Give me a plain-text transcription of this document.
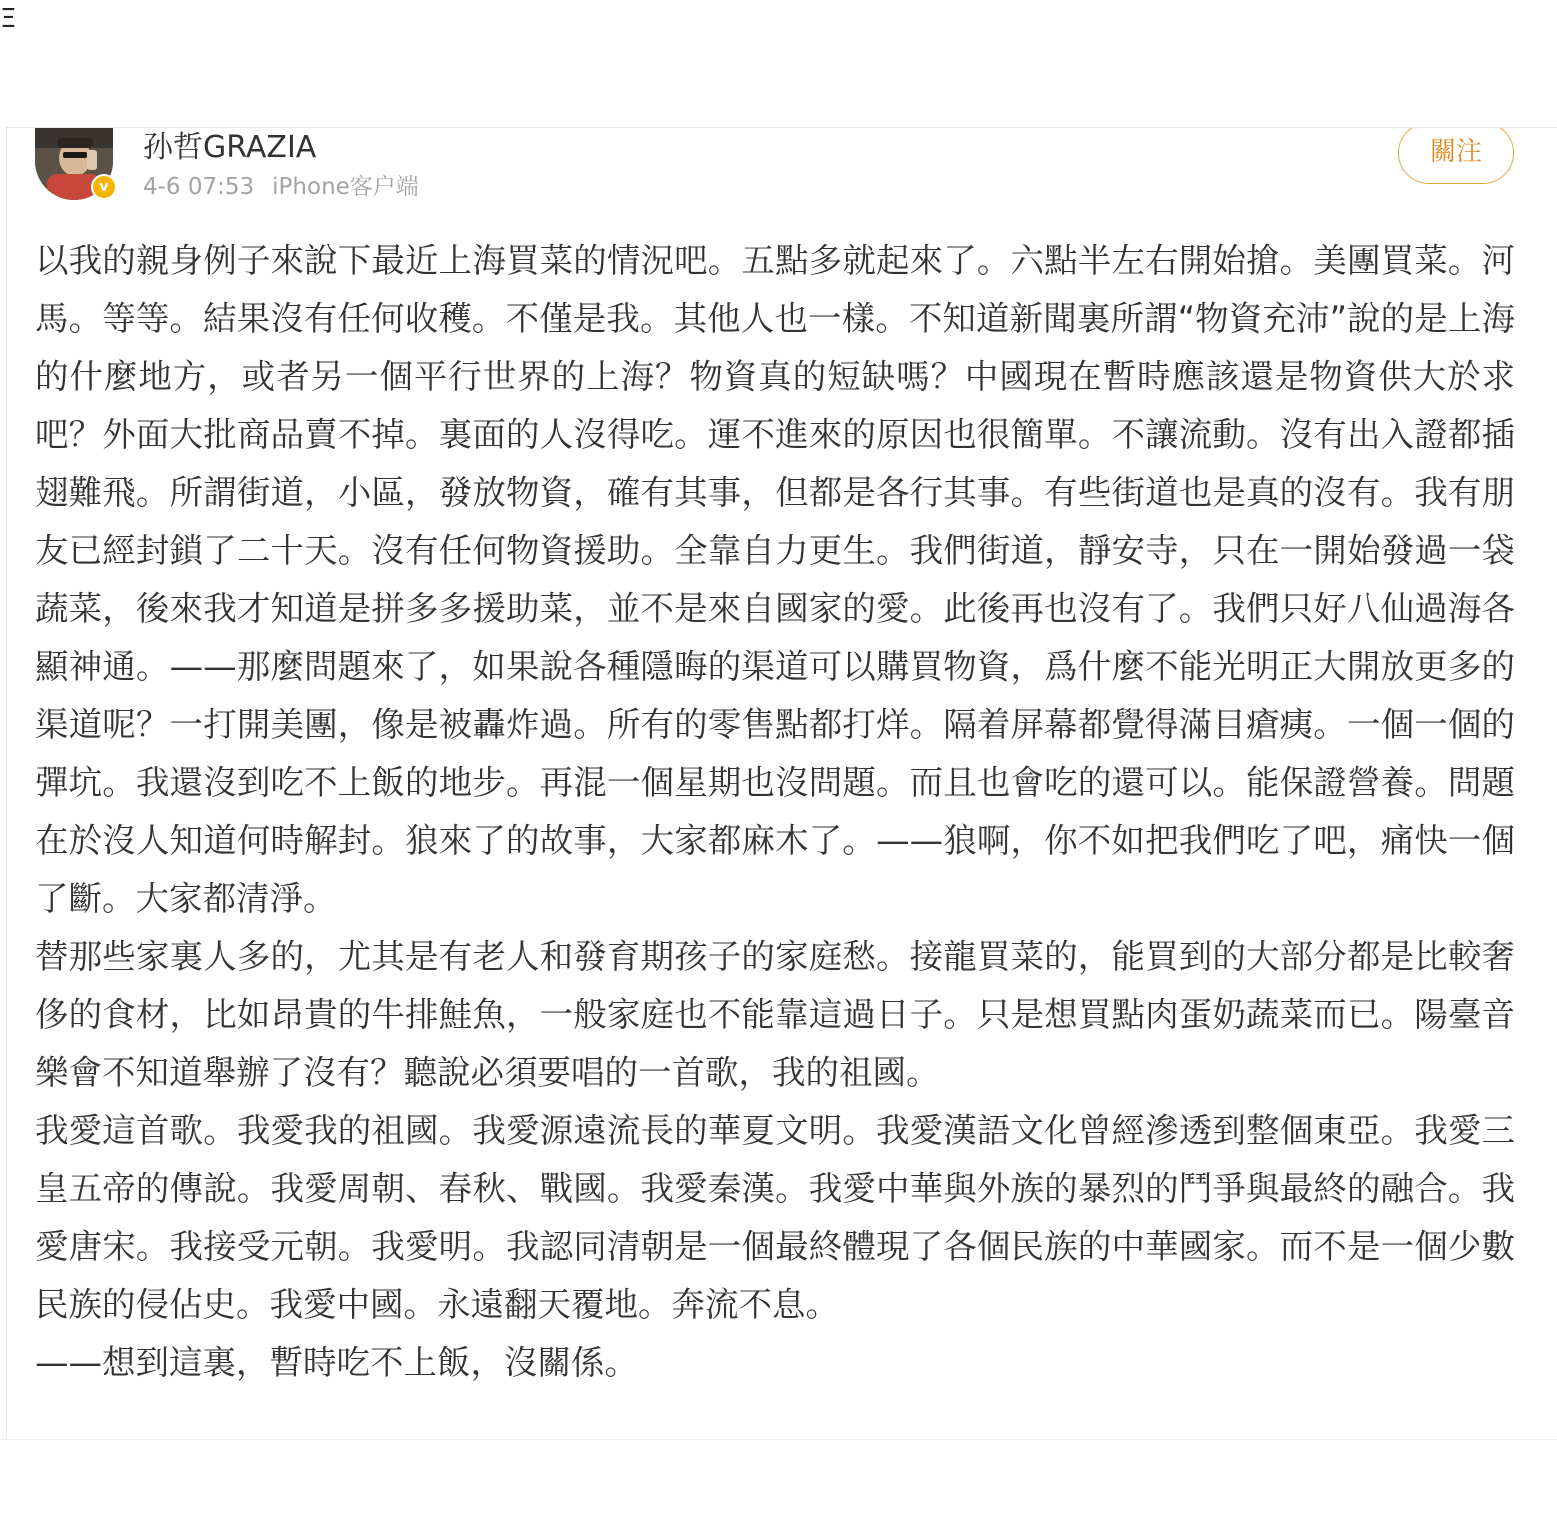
Ξ
v
孙哲GRAZIA
4-6 07:53 iPhone客户端
關注

以我的親身例子來說下最近上海買菜的情況吧。五點多就起來了。六點半左右開始搶。美團買菜。河馬。等等。結果沒有任何收穫。不僅是我。其他人也一樣。不知道新聞裏所謂“物資充沛”說的是上海的什麼地方，或者另一個平行世界的上海？物資真的短缺嗎？中國現在暫時應該還是物資供大於求吧？外面大批商品賣不掉。裏面的人沒得吃。運不進來的原因也很簡單。不讓流動。沒有出入證都插翅難飛。所謂街道，小區，發放物資，確有其事，但都是各行其事。有些街道也是真的沒有。我有朋友已經封鎖了二十天。沒有任何物資援助。全靠自力更生。我們街道，靜安寺，只在一開始發過一袋蔬菜，後來我才知道是拼多多援助菜，並不是來自國家的愛。此後再也沒有了。我們只好八仙過海各顯神通。——那麼問題來了，如果說各種隱晦的渠道可以購買物資，爲什麼不能光明正大開放更多的渠道呢？一打開美團，像是被轟炸過。所有的零售點都打烊。隔着屏幕都覺得滿目瘡痍。一個一個的彈坑。我還沒到吃不上飯的地步。再混一個星期也沒問題。而且也會吃的還可以。能保證營養。問題在於沒人知道何時解封。狼來了的故事，大家都麻木了。——狼啊，你不如把我們吃了吧，痛快一個了斷。大家都清淨。

替那些家裏人多的，尤其是有老人和發育期孩子的家庭愁。接龍買菜的，能買到的大部分都是比較奢侈的食材，比如昂貴的牛排鮭魚，一般家庭也不能靠這過日子。只是想買點肉蛋奶蔬菜而已。陽臺音樂會不知道舉辦了沒有？聽說必須要唱的一首歌，我的祖國。

我愛這首歌。我愛我的祖國。我愛源遠流長的華夏文明。我愛漢語文化曾經滲透到整個東亞。我愛三皇五帝的傳說。我愛周朝、春秋、戰國。我愛秦漢。我愛中華與外族的暴烈的鬥爭與最終的融合。我愛唐宋。我接受元朝。我愛明。我認同清朝是一個最終體現了各個民族的中華國家。而不是一個少數民族的侵佔史。我愛中國。永遠翻天覆地。奔流不息。

——想到這裏，暫時吃不上飯，沒關係。
